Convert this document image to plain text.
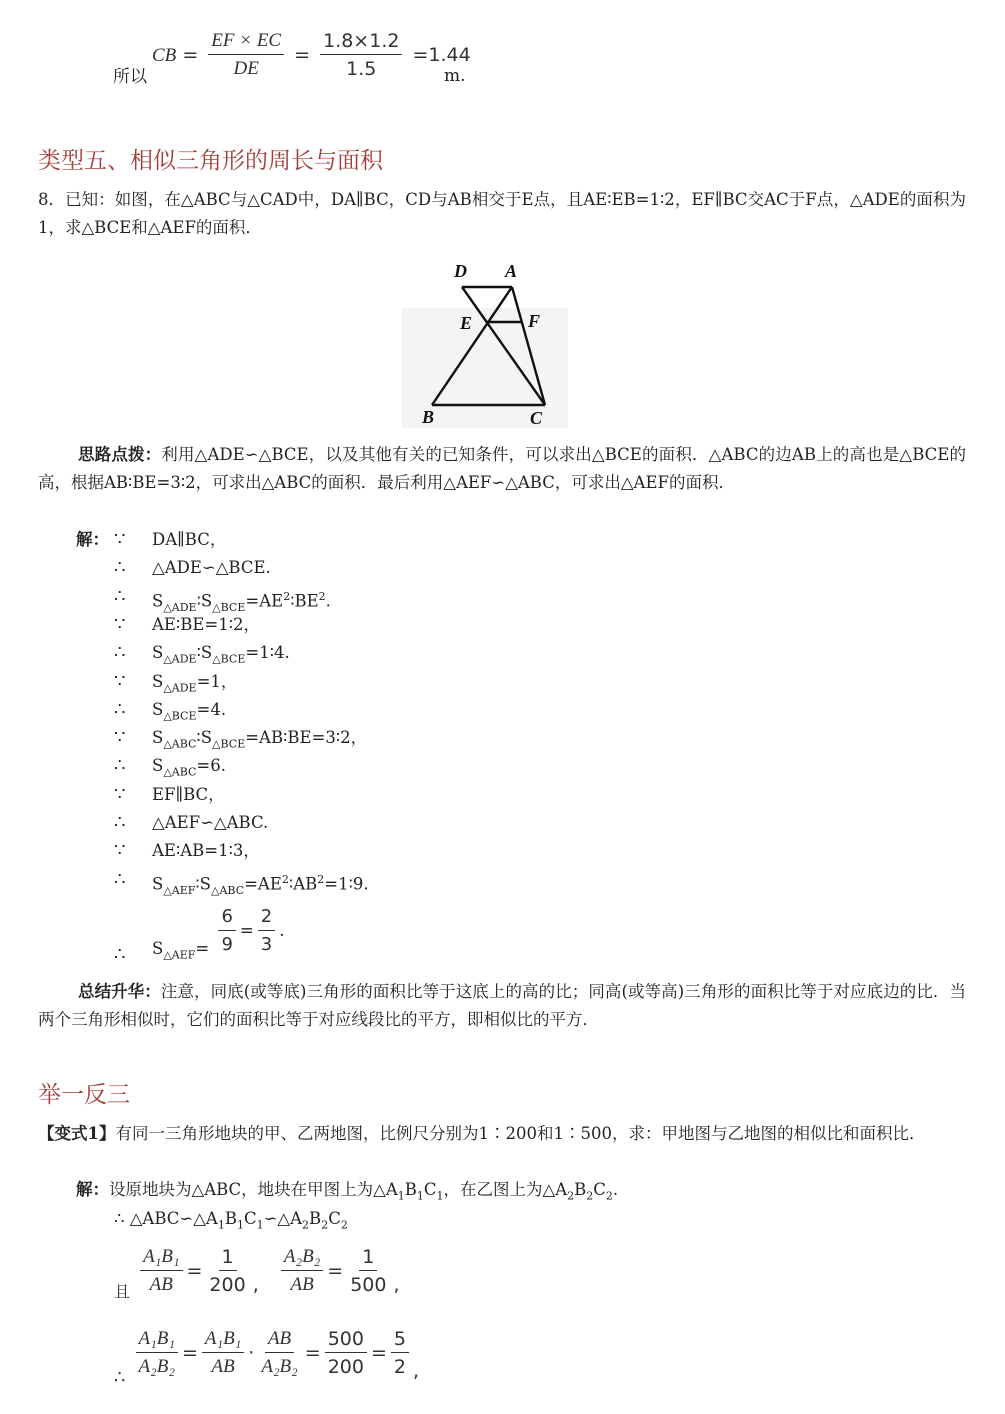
所以
CB = $\frac{EF \times EC}{DE} = \frac{1.8\times 1.2}{1.5} =1.44$
m.
类型五、相似三角形的周长与面积
8．已知：如图，在△ABC与△CAD中，DA∥BC，CD与AB相交于E点，且AE∶EB=1∶2，EF∥BC交AC于F点，△ADE的面积为1，求△BCE和△AEF的面积．
D A
E	F
B	C
思路点拨：利用△ADE∽△BCE，以及其他有关的已知条件，可以求出△BCE的面积．△ABC的边AB上的高也是△BCE的高，根据AB∶BE=3∶2，可求出△ABC的面积．最后利用△AEF∽△ABC，可求出△AEF的面积．
解： ∵ DA∥BC，
∴ △ADE∽△BCE.
∴ $S_{\triangle ADE}∶S_{\triangle BCE}=AE^2∶BE^2$.
∵ AE∶BE=1∶2，
∴ $S_{\triangle ADE}∶S_{\triangle BCE}=1∶4$.
∵ $S_{\triangle ADE}=1$，
∴ $S_{\triangle BCE}=4$.
∵ $S_{\triangle ABC}∶S_{\triangle BCE}=AB∶BE=3∶2$，
∴ $S_{\triangle ABC}=6$.
∵ EF∥BC，
∴ △AEF∽△ABC.
∵ AE∶AB=1∶3，
∴ $S_{\triangle AEF}∶S_{\triangle ABC}=AE^2∶AB^2=1∶9$.
∴ $S_{\triangle AEF}= \frac{6}{9} = \frac{2}{3}$ .
总结升华：注意，同底(或等底)三角形的面积比等于这底上的高的比；同高(或等高)三角形的面积比等于对应底边的比．当两个三角形相似时，它们的面积比等于对应线段比的平方，即相似比的平方．
举一反三
【变式1】有同一三角形地块的甲、乙两地图，比例尺分别为1∶200和1∶500，求：甲地图与乙地图的相似比和面积比．
解：设原地块为△ABC，地块在甲图上为$\triangle A_1B_1C_1$，在乙图上为$\triangle A_2B_2C_2$.
∴ $\triangle ABC∽\triangle A_1B_1C_1∽\triangle A_2B_2C_2$
$_且 \frac{\text{A₁B₁}}{AB} = \frac{1}{200}$ , $\frac{\text{A₂B₂}}{AB} = \frac{1}{500}$ ,
∴ $\frac{\text{A₁B₁}}{\text{A₂B₂}} = \frac{\text{A₁B₁}}{AB} \cdot \frac{AB}{\text{A₂B₂}} = \frac{500}{200} = \frac{5}{2}$ ,
